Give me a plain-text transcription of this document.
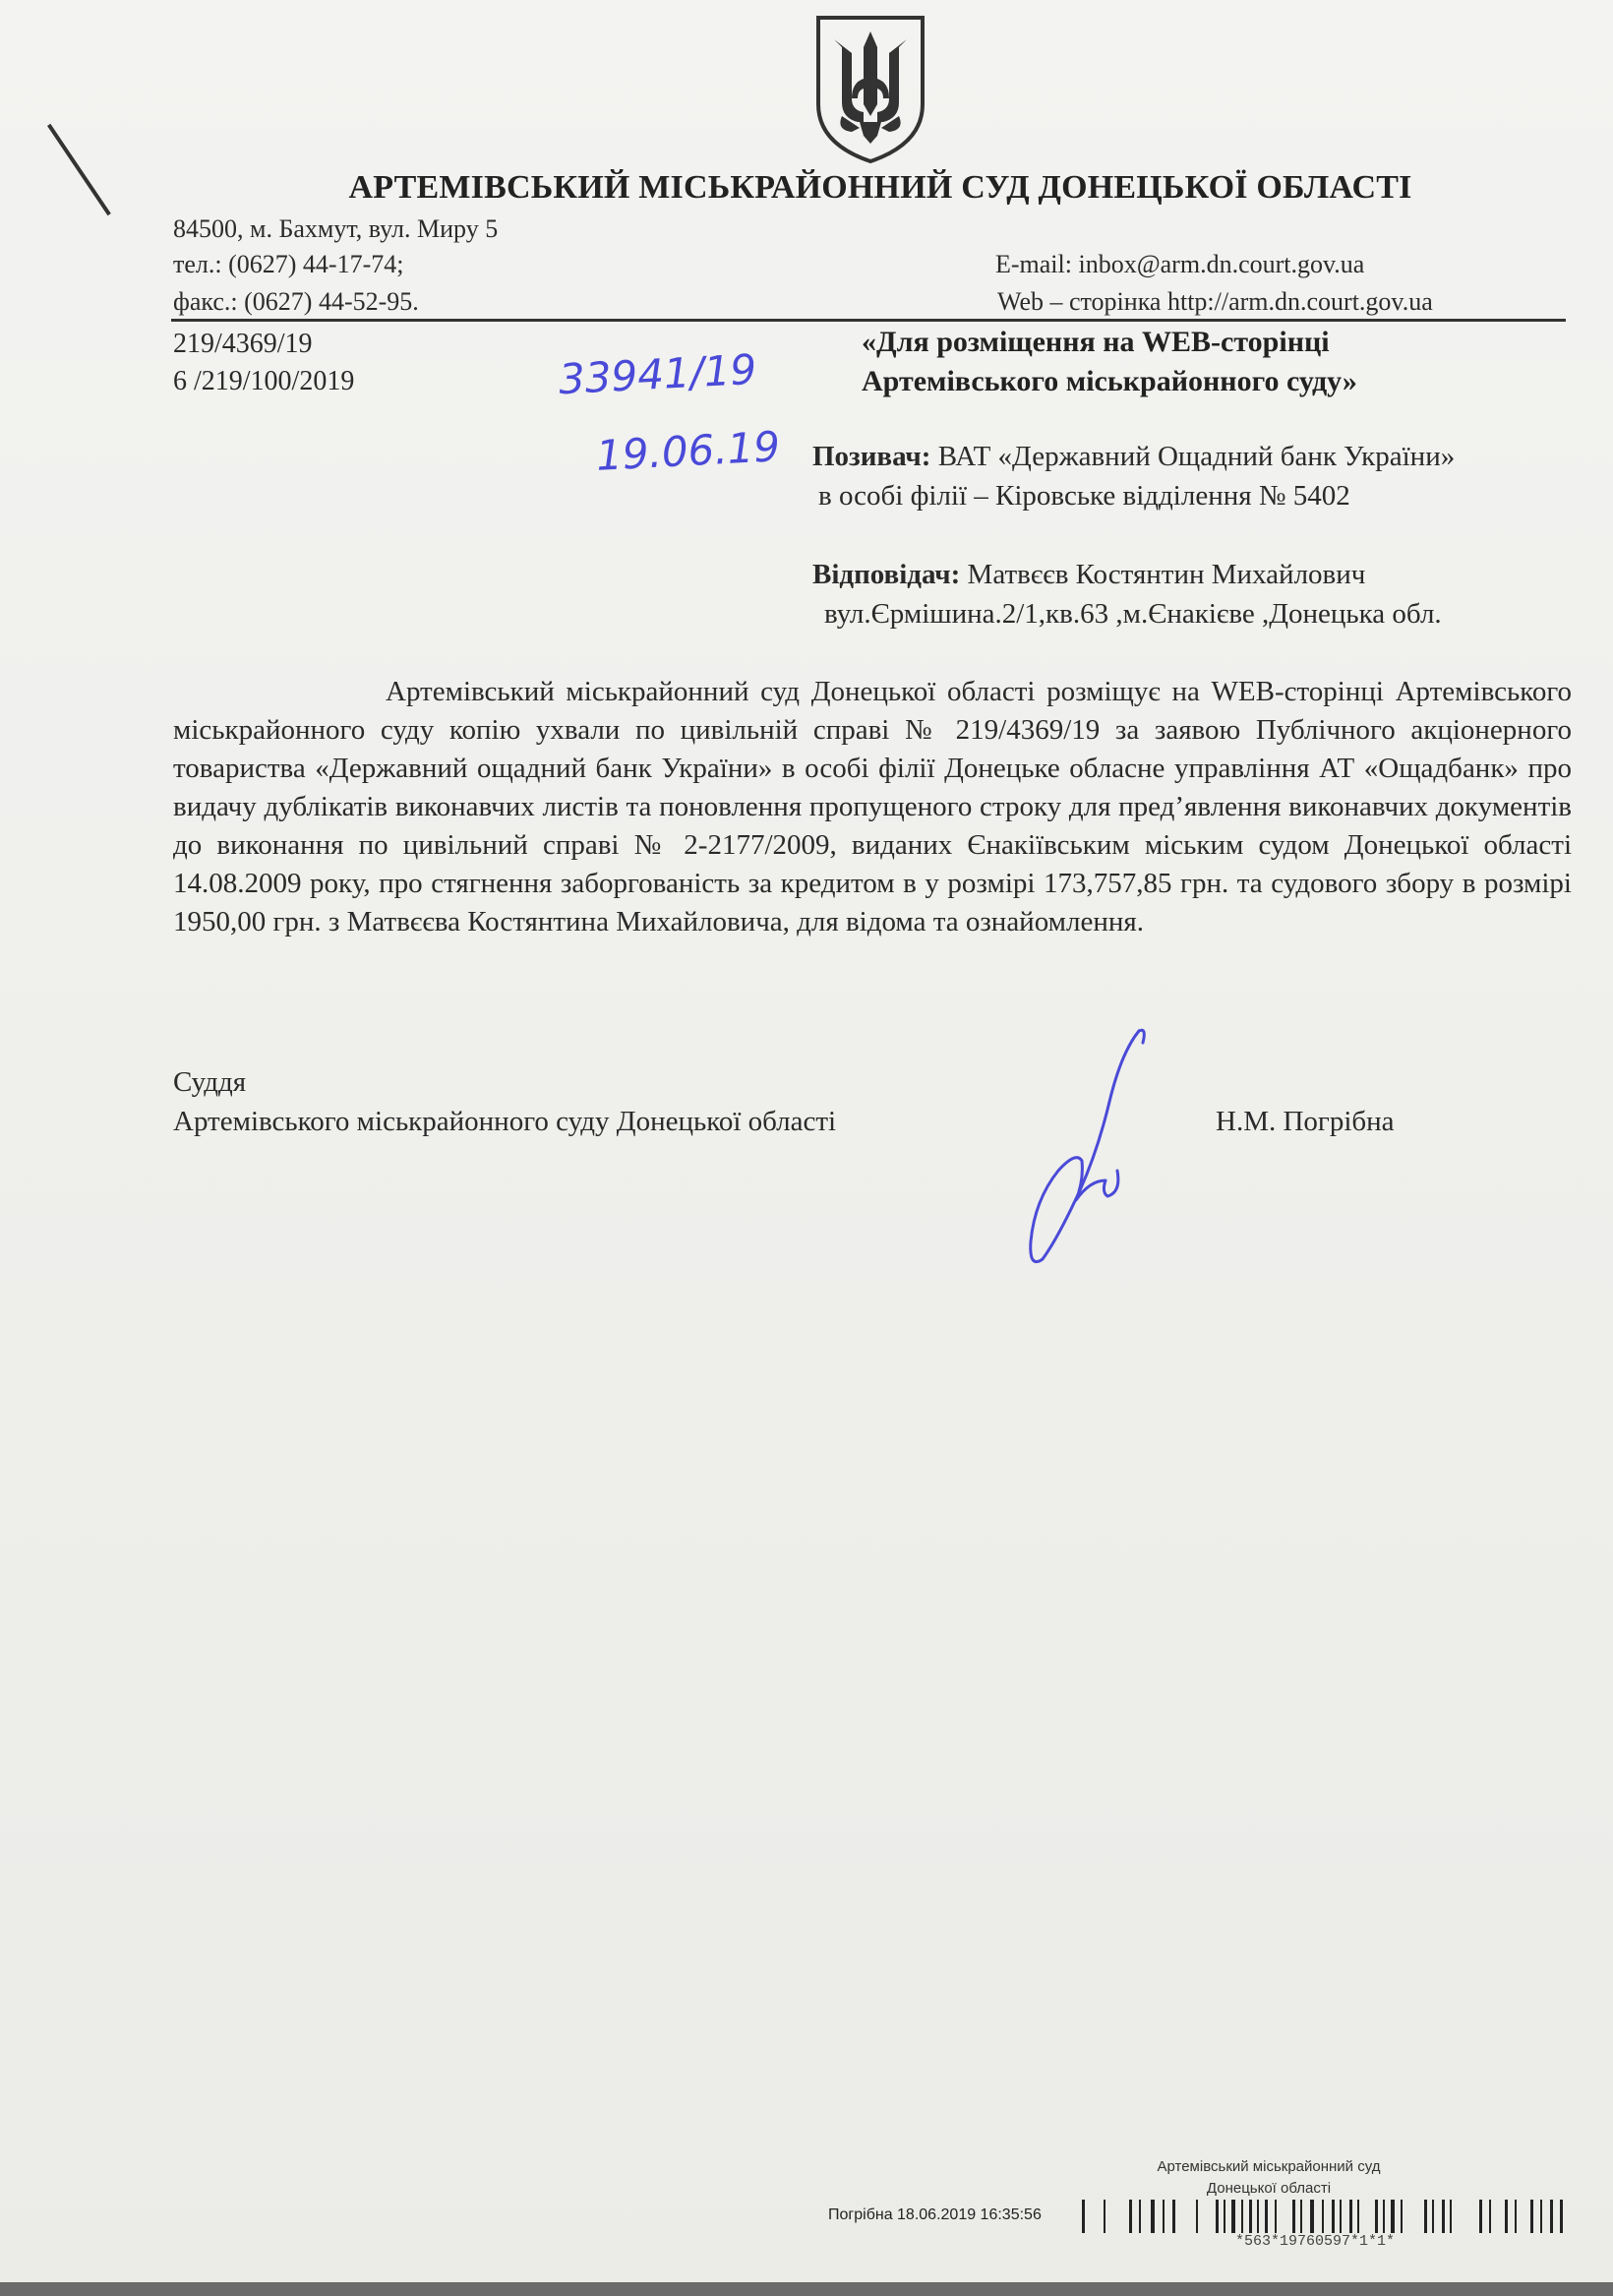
АРТЕМІВСЬКИЙ МІСЬКРАЙОННИЙ СУД ДОНЕЦЬКОЇ ОБЛАСТІ
84500, м. Бахмут, вул. Миру 5
тел.: (0627) 44-17-74;
факс.: (0627) 44-52-95.
E-mail: inbox@arm.dn.court.gov.ua
Web – сторінка http://arm.dn.court.gov.ua
219/4369/19
6 /219/100/2019	33941/19
19.06.19
«Для розміщення на WEB-сторінці
Артемівського міськрайонного суду»
Позивач: ВАТ «Державний Ощадний банк України»
в особі філії – Кіровське відділення № 5402
Відповідач: Матвєєв Костянтин Михайлович
вул.Єрмішина.2/1,кв.63 ,м.Єнакієве ,Донецька обл.
Артемівський міськрайонний суд Донецької області розміщує на WEB-сторінці Артемівського міськрайонного суду копію ухвали по цивільній справі № 219/4369/19 за заявою Публічного акціонерного товариства «Державний ощадний банк України» в особі філії Донецьке обласне управління АТ «Ощадбанк» про видачу дублікатів виконавчих листів та поновлення пропущеного строку для пред’явлення виконавчих документів до виконання по цивільний справі № 2-2177/2009, виданих Єнакіївським міським судом Донецької області 14.08.2009 року, про стягнення заборгованість за кредитом в у розмірі 173,757,85 грн. та судового збору в розмірі 1950,00 грн. з Матвєєва Костянтина Михайловича, для відома та ознайомлення.
Суддя
Артемівського міськрайонного суду Донецької області	Н.М. Погрібна
Артемівський міськрайонний суд
Донецької області
Погрібна 18.06.2019 16:35:56
*563*19760597*1*1*
